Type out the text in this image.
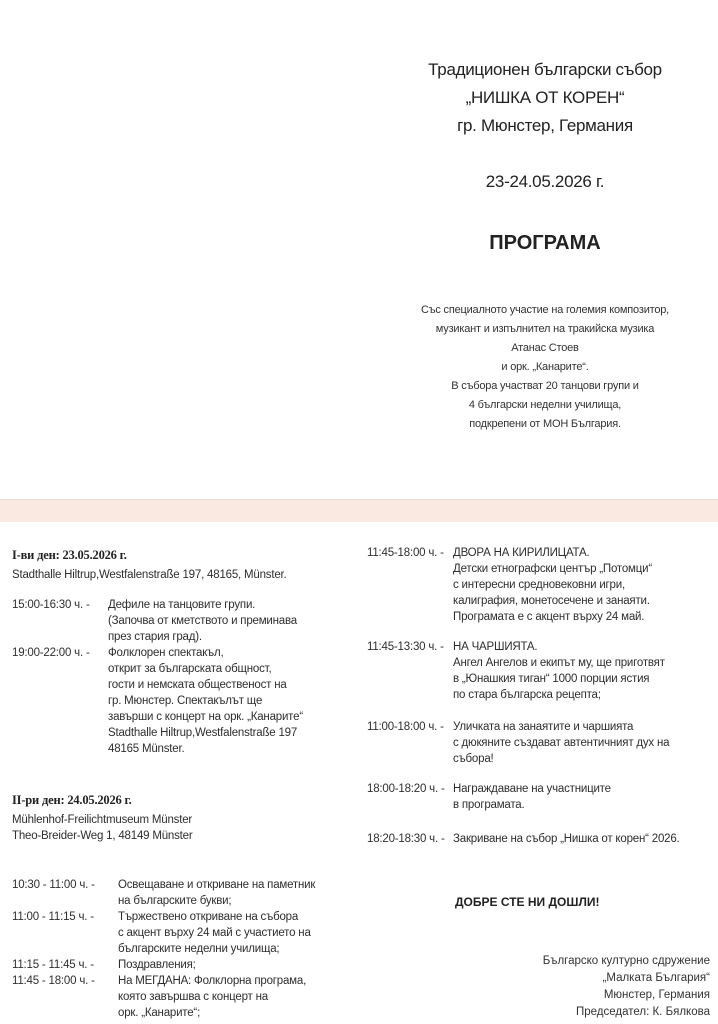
Традиционен български събор
„НИШКА ОТ КОРЕН“
гр. Мюнстер, Германия
23-24.05.2026 г.
ПРОГРАМА
Със специалното участие на големия композитор,
музикант и изпълнител на тракийска музика
Атанас Стоев
и орк. „Канарите“.
В събора участват 20 танцови групи и
4 български неделни училища,
подкрепени от МОН България.
I-ви ден: 23.05.2026 г.
Stadthalle Hiltrup,Westfalenstraße 197, 48165, Münster.
15:00-16:30 ч. - Дефиле на танцовите групи.
(Започва от кметството и преминава
през стария град).
19:00-22:00 ч. - Фолклорен спектакъл,
открит за българската общност,
гости и немската общественост на
гр. Мюнстер. Спектакълът ще
завърши с концерт на орк. „Канарите“
Stadthalle Hiltrup,Westfalenstraße 197
48165 Münster.
II-ри ден: 24.05.2026 г.
Mühlenhof-Freilichtmuseum Münster
Theo-Breider-Weg 1, 48149 Münster
10:30 - 11:00 ч. - Освещаване и откриване на паметник
на българските букви;
11:00 - 11:15 ч. - Тържествено откриване на събора
с акцент върху 24 май с участието на
българските неделни училища;
11:15 - 11:45 ч. - Поздравления;
11:45 - 18:00 ч. - На МЕГДАНА: Фолклорна програма,
която завършва с концерт на
орк. „Канарите“;
11:45-18:00 ч. - ДВОРА НА КИРИЛИЦАТА.
Детски етнографски център „Потомци“
с интересни средновековни игри,
калиграфия, монетосечене и занаяти.
Програмата е с акцент върху 24 май.
11:45-13:30 ч. - НА ЧАРШИЯТА.
Ангел Ангелов и екипът му, ще приготвят
в „Юнашкия тиган“ 1000 порции ястия
по стара българска рецепта;
11:00-18:00 ч. - Уличката на занаятите и чаршията
с дюкяните създават автентичният дух на
събора!
18:00-18:20 ч. - Награждаване на участниците
в програмата.
18:20-18:30 ч. - Закриване на събор „Нишка от корен“ 2026.
ДОБРЕ СТЕ НИ ДОШЛИ!
Българско културно сдружение
„Малката България“
Мюнстер, Германия
Председател: К. Бялкова
